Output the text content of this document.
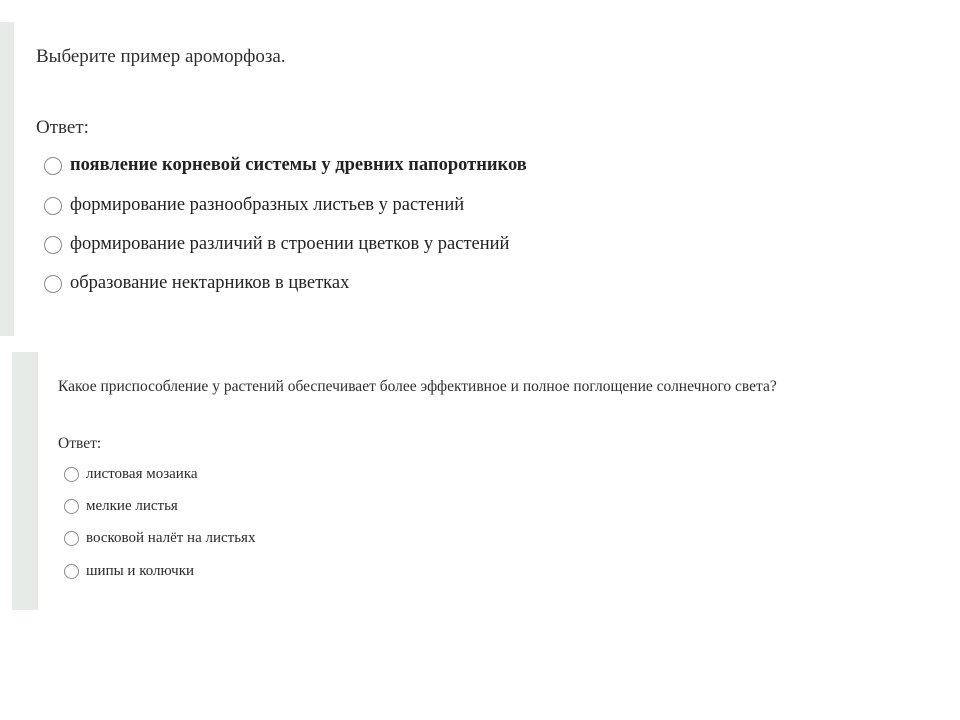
Выберите пример ароморфоза.
Ответ:
появление корневой системы у древних папоротников
формирование разнообразных листьев у растений
формирование различий в строении цветков у растений
образование нектарников в цветках
Какое приспособление у растений обеспечивает более эффективное и полное поглощение солнечного света?
Ответ:
листовая мозаика
мелкие листья
восковой налёт на листьях
шипы и колючки
